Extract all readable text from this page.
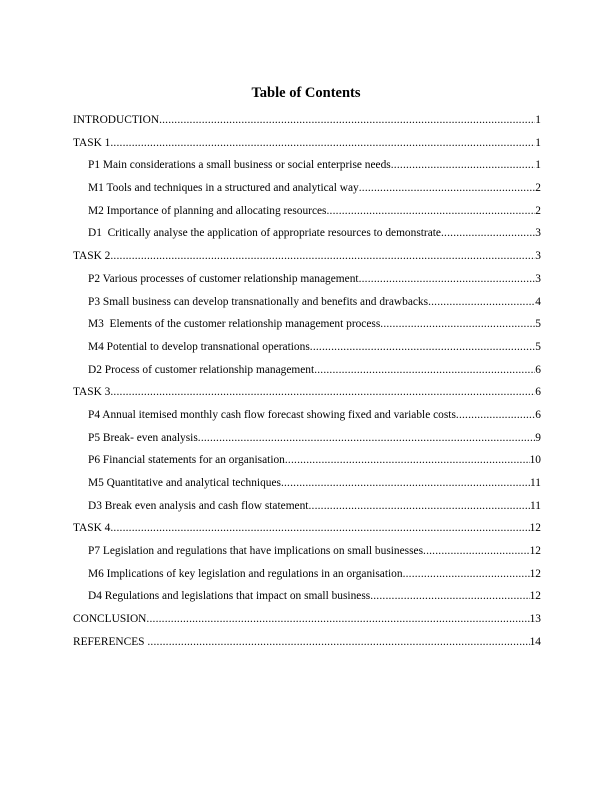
Table of Contents
INTRODUCTION .....	1
TASK 1 .....	1
P1 Main considerations a small business or social enterprise needs .....	1
M1 Tools and techniques in a structured and analytical way .....	2
M2 Importance of planning and allocating resources .....	2
D1  Critically analyse the application of appropriate resources to demonstrate .....	3
TASK 2 .....	3
P2 Various processes of customer relationship management .....	3
P3 Small business can develop transnationally and benefits and drawbacks .....	4
M3  Elements of the customer relationship management process .....	5
M4 Potential to develop transnational operations .....	5
D2 Process of customer relationship management .....	6
TASK 3 .....	6
P4 Annual itemised monthly cash flow forecast showing fixed and variable costs .....	6
P5 Break- even analysis .....	9
P6 Financial statements for an organisation .....	10
M5 Quantitative and analytical techniques .....	11
D3 Break even analysis and cash flow statement .....	11
TASK 4 .....	12
P7 Legislation and regulations that have implications on small businesses .....	12
M6 Implications of key legislation and regulations in an organisation .....	12
D4 Regulations and legislations that impact on small business .....	12
CONCLUSION .....	13
REFERENCES .....	14
